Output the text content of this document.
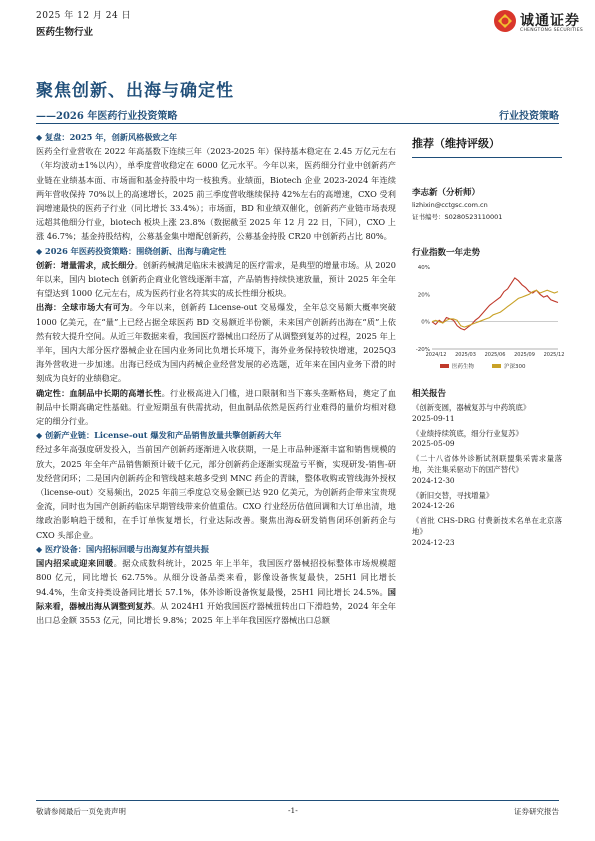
2025 年 12 月 24 日
医药生物行业
诚通证券
CHENGTONG SECURITIES
聚焦创新、出海与确定性
——2026 年医药行业投资策略	行业投资策略
◆ 复盘：2025 年，创新风格极致之年

医药全行业营收在 2022 年高基数下连续三年（2023-2025 年）保持基本稳定在 2.45 万亿元左右（年均波动±1%以内），单季度营收稳定在 6000 亿元水平。今年以来，医药细分行业中创新药产业链在业绩基本面、市场面和基金持股中均一枝独秀。业绩面，Biotech 企业 2023-2024 年连续两年营收保持 70%以上的高速增长，2025 前三季度营收继续保持 42%左右的高增速，CXO 受利润增速最快的医药子行业（同比增长 33.4%）；市场面，BD 和业绩双催化，创新药产业链市场表现远超其他细分行业，biotech 板块上涨 23.8%（数据截至 2025 年 12 月 22 日，下同），CXO 上涨 46.7%；基金持股结构，公募基金集中增配创新药，公募基金持股 CR20 中创新药占比 80%。

◆ 2026 年医药投资策略：围绕创新、出海与确定性

创新：增量需求，成长细分。创新药械满足临床未被满足的医疗需求，是典型的增量市场。从 2020 年以来，国内 biotech 创新药企商业化管线逐渐丰富，产品销售持续快速放量，预计 2025 年全年有望达到 1000 亿元左右，成为医药行业名符其实的成长性细分板块。

出海：全球市场大有可为。今年以来，创新药 License-out 交易爆发，全年总交易额大概率突破 1000 亿美元，在“量”上已经占据全球医药 BD 交易额近半份额，未来国产创新药出海在“质”上依然有较大提升空间。从近三年数据来看，我国医疗器械出口经历了从调整到复苏的过程，2025 年上半年，国内大部分医疗器械企业在国内业务同比负增长环境下，海外业务保持较快增速，2025Q3 海外营收进一步加速。出海已经成为国内药械企业经营发展的必选题，近年来在国内业务下滑的时刻成为良好的业绩稳定。

确定性：血制品中长期的高增长性。行业极高进入门槛，进口限制和当下寡头垄断格局，奠定了血制品中长期高确定性基础。行业短期虽有供需扰动，但血制品依然是医药行业难得的量价均相对稳定的细分行业。

◆ 创新产业链：License-out 爆发和产品销售放量共擎创新药大年

经过多年高强度研发投入，当前国产创新药逐渐进入收获期，一是上市品种逐渐丰富和销售规模的放大，2025 年全年产品销售额预计破千亿元，部分创新药企逐渐实现盈亏平衡，实现研发-销售-研发经营闭环；二是国内创新药企和管线越来越多受到 MNC 药企的青睐，整体收购或管线海外授权（license-out）交易频出，2025 年前三季度总交易金额已达 920 亿美元，为创新药企带来宝贵现金流，同时也为国产创新药临床早期管线带来价值重估。CXO 行业经历估值回调和大订单出清，地缘政治影响趋于缓和，在手订单恢复增长，行业达际改善。聚焦出海&研发销售闭环创新药企与 CXO 头部企业。

◆ 医疗设备：国内招标回暖与出海复苏有望共振

国内招采或迎来回暖。据众成数科统计，2025 年上半年，我国医疗器械招投标整体市场规模超 800 亿元，同比增长 62.75%。从细分设备品类来看，影像设备恢复最快，25H1 同比增长 94.4%，生命支持类设备同比增长 57.1%，体外诊断设备恢复最慢，25H1 同比增长 24.5%。国际来看，器械出海从调整到复苏。从 2024H1 开始我国医疗器械扭转出口下滑趋势，2024 年全年出口总金额 3553 亿元，同比增长 9.8%；2025 年上半年我国医疗器械出口总额

推荐（维持评级）
李志新（分析师）
lizhixin@cctgsc.com.cn
证书编号：S0280523110001
行业指数一年走势
40%
20%
0%
-20%
2024/12 2025/03 2025/06 2025/09 2025/12
医药生物	沪深300
相关报告
《创新变圆，器械复苏与中药筑底》
2025-09-11
《业绩持续筑底，细分行业复苏》
2025-05-09
《二十八省体外诊断试剂联盟集采需求量落地，关注集采驱动下的国产替代》
2024-12-30
《新旧交替，寻找增量》
2024-12-26
《首批 CHS-DRG 付费新技术名单在北京落地》
2024-12-23
敬请参阅最后一页免责声明	-1-	证券研究报告
